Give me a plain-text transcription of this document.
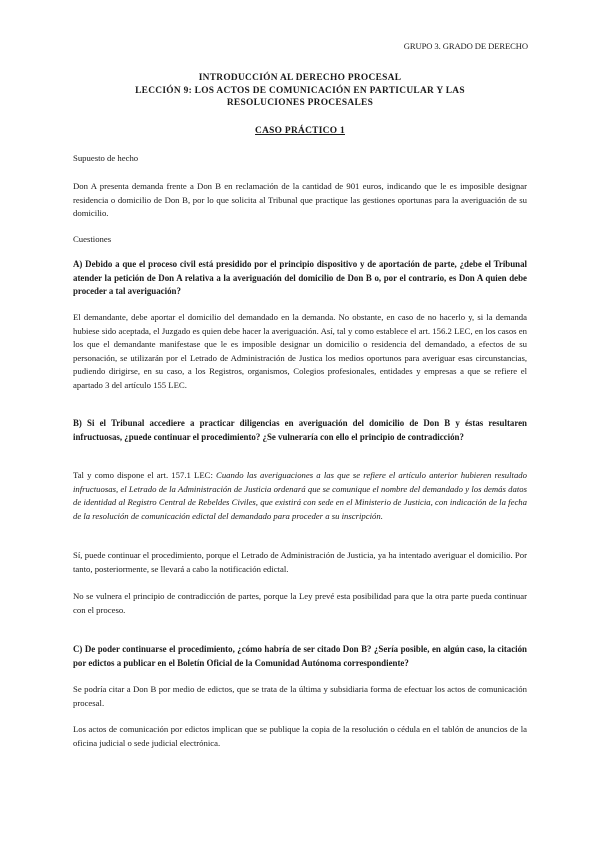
GRUPO 3. GRADO DE DERECHO
INTRODUCCIÓN AL DERECHO PROCESAL
LECCIÓN 9: LOS ACTOS DE COMUNICACIÓN EN PARTICULAR Y LAS
RESOLUCIONES PROCESALES
CASO PRÁCTICO 1
Supuesto de hecho
Don A presenta demanda frente a Don B en reclamación de la cantidad de 901 euros, indicando que le es imposible designar residencia o domicilio de Don B, por lo que solicita al Tribunal que practique las gestiones oportunas para la averiguación de su domicilio.
Cuestiones
A) Debido a que el proceso civil está presidido por el principio dispositivo y de aportación de parte, ¿debe el Tribunal atender la petición de Don A relativa a la averiguación del domicilio de Don B o, por el contrario, es Don A quien debe proceder a tal averiguación?
El demandante, debe aportar el domicilio del demandado en la demanda. No obstante, en caso de no hacerlo y, si la demanda hubiese sido aceptada, el Juzgado es quien debe hacer la averiguación. Así, tal y como establece el art. 156.2 LEC, en los casos en los que el demandante manifestase que le es imposible designar un domicilio o residencia del demandado, a efectos de su personación, se utilizarán por el Letrado de Administración de Justica los medios oportunos para averiguar esas circunstancias, pudiendo dirigirse, en su caso, a los Registros, organismos, Colegios profesionales, entidades y empresas a que se refiere el apartado 3 del artículo 155 LEC.
B) Si el Tribunal accediere a practicar diligencias en averiguación del domicilio de Don B y éstas resultaren infructuosas, ¿puede continuar el procedimiento? ¿Se vulneraría con ello el principio de contradicción?
Tal y como dispone el art. 157.1 LEC: Cuando las averiguaciones a las que se refiere el artículo anterior hubieren resultado infructuosas, el Letrado de la Administración de Justicia ordenará que se comunique el nombre del demandado y los demás datos de identidad al Registro Central de Rebeldes Civiles, que existirá con sede en el Ministerio de Justicia, con indicación de la fecha de la resolución de comunicación edictal del demandado para proceder a su inscripción.
Sí, puede continuar el procedimiento, porque el Letrado de Administración de Justicia, ya ha intentado averiguar el domicilio. Por tanto, posteriormente, se llevará a cabo la notificación edictal.
No se vulnera el principio de contradicción de partes, porque la Ley prevé esta posibilidad para que la otra parte pueda continuar con el proceso.
C) De poder continuarse el procedimiento, ¿cómo habría de ser citado Don B? ¿Sería posible, en algún caso, la citación por edictos a publicar en el Boletín Oficial de la Comunidad Autónoma correspondiente?
Se podría citar a Don B por medio de edictos, que se trata de la última y subsidiaria forma de efectuar los actos de comunicación procesal.
Los actos de comunicación por edictos implican que se publique la copia de la resolución o cédula en el tablón de anuncios de la oficina judicial o sede judicial electrónica.
